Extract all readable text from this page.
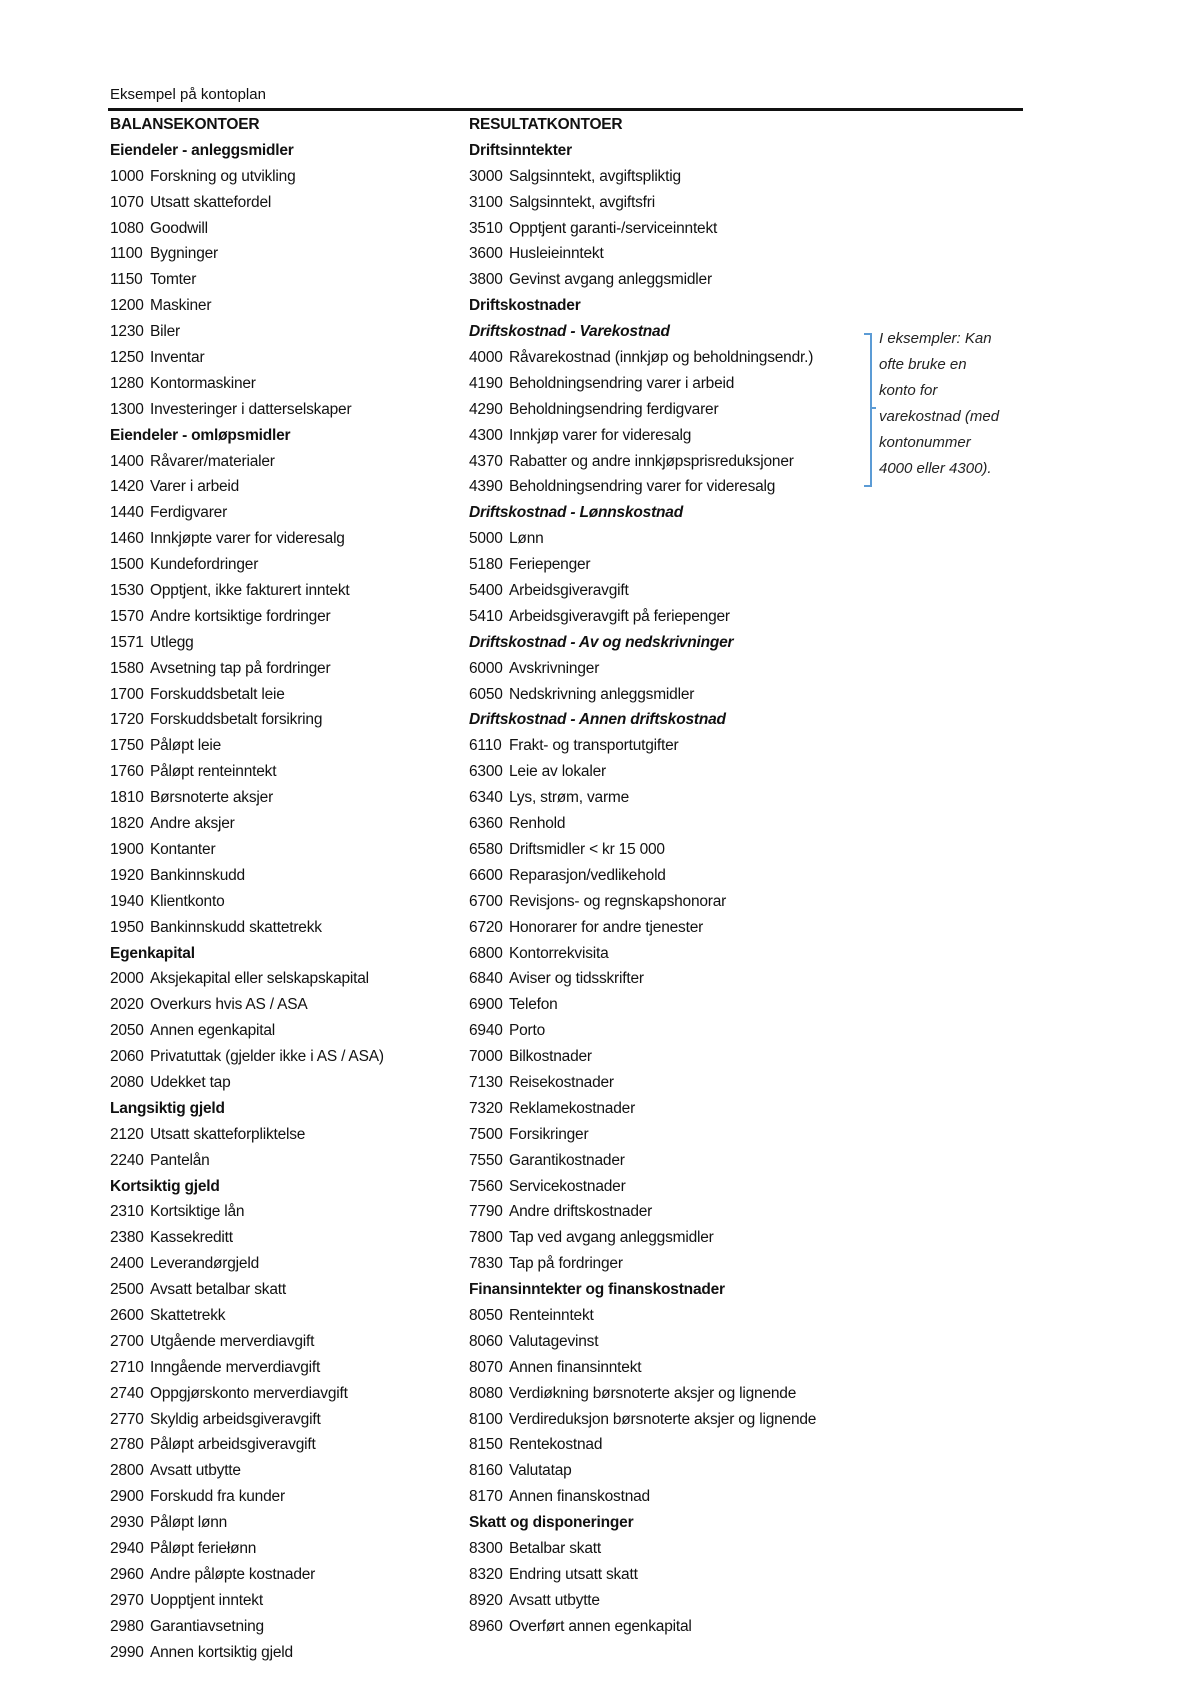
Eksempel på kontoplan
BALANSEKONTOER
Eiendeler - anleggsmidler
1000 Forskning og utvikling
1070 Utsatt skattefordel
1080 Goodwill
1100 Bygninger
1150 Tomter
1200 Maskiner
1230 Biler
1250 Inventar
1280 Kontormaskiner
1300 Investeringer i datterselskaper
Eiendeler - omløpsmidler
1400 Råvarer/materialer
1420 Varer i arbeid
1440 Ferdigvarer
1460 Innkjøpte varer for videresalg
1500 Kundefordringer
1530 Opptjent, ikke fakturert inntekt
1570 Andre kortsiktige fordringer
1571 Utlegg
1580 Avsetning tap på fordringer
1700 Forskuddsbetalt leie
1720 Forskuddsbetalt forsikring
1750 Påløpt leie
1760 Påløpt renteinntekt
1810 Børsnoterte aksjer
1820 Andre aksjer
1900 Kontanter
1920 Bankinnskudd
1940 Klientkonto
1950 Bankinnskudd skattetrekk
Egenkapital
2000 Aksjekapital eller selskapskapital
2020 Overkurs hvis AS / ASA
2050 Annen egenkapital
2060 Privatuttak (gjelder ikke i AS / ASA)
2080 Udekket tap
Langsiktig gjeld
2120 Utsatt skatteforpliktelse
2240 Pantelån
Kortsiktig gjeld
2310 Kortsiktige lån
2380 Kassekreditt
2400 Leverandørgjeld
2500 Avsatt betalbar skatt
2600 Skattetrekk
2700 Utgående merverdiavgift
2710 Inngående merverdiavgift
2740 Oppgjørskonto merverdiavgift
2770 Skyldig arbeidsgiveravgift
2780 Påløpt arbeidsgiveravgift
2800 Avsatt utbytte
2900 Forskudd fra kunder
2930 Påløpt lønn
2940 Påløpt feriełønn
2960 Andre påløpte kostnader
2970 Uopptjent inntekt
2980 Garantiavsetning
2990 Annen kortsiktig gjeld
RESULTATKONTOER
Driftsinntekter
3000 Salgsinntekt, avgiftspliktig
3100 Salgsinntekt, avgiftsfri
3510 Opptjent garanti-/serviceinntekt
3600 Husleieinntekt
3800 Gevinst avgang anleggsmidler
Driftskostnader
Driftskostnad - Varekostnad
4000 Råvarekostnad (innkjøp og beholdningsendr.)
4190 Beholdningsendring varer i arbeid
4290 Beholdningsendring ferdigvarer
4300 Innkjøp varer for videresalg
4370 Rabatter og andre innkjøpsprisreduksjoner
4390 Beholdningsendring varer for videresalg
Driftskostnad - Lønnskostnad
5000 Lønn
5180 Feriepenger
5400 Arbeidsgiveravgift
5410 Arbeidsgiveravgift på feriepenger
Driftskostnad - Av og nedskrivninger
6000 Avskrivninger
6050 Nedskrivning anleggsmidler
Driftskostnad - Annen driftskostnad
6110 Frakt- og transportutgifter
6300 Leie av lokaler
6340 Lys, strøm, varme
6360 Renhold
6580 Driftsmidler < kr 15 000
6600 Reparasjon/vedlikehold
6700 Revisjons- og regnskapshonorar
6720 Honorarer for andre tjenester
6800 Kontorrekvisita
6840 Aviser og tidsskrifter
6900 Telefon
6940 Porto
7000 Bilkostnader
7130 Reisekostnader
7320 Reklamekostnader
7500 Forsikringer
7550 Garantikostnader
7560 Servicekostnader
7790 Andre driftskostnader
7800 Tap ved avgang anleggsmidler
7830 Tap på fordringer
Finansinntekter og finanskostnader
8050 Renteinntekt
8060 Valutagevinst
8070 Annen finansinntekt
8080 Verdiøkning børsnoterte aksjer og lignende
8100 Verdireduksjon børsnoterte aksjer og lignende
8150 Rentekostnad
8160 Valutatap
8170 Annen finanskostnad
Skatt og disponeringer
8300 Betalbar skatt
8320 Endring utsatt skatt
8920 Avsatt utbytte
8960 Overført annen egenkapital
I eksempler: Kan
ofte bruke en
konto for
varekostnad (med
kontonummer
4000 eller 4300).
